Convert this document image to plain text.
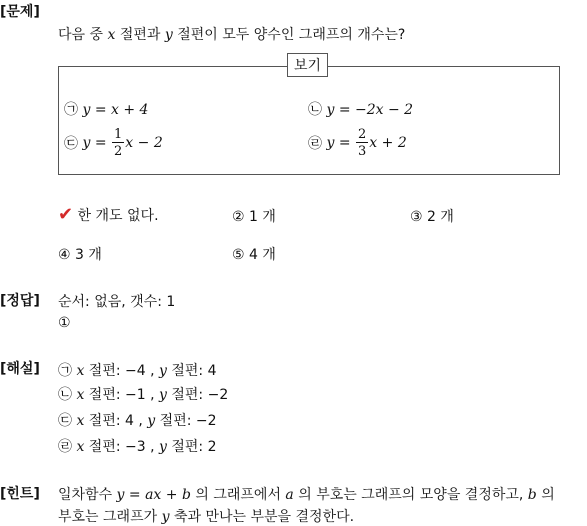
[문제]
다음 중 x 절편과 y 절편이 모두 양수인 그래프의 개수는?
보기
㉠ y = x + 4	㉡ y = −2x − 2
㉢ $y = \frac{1}{2}$ x − 2	㉣ $y = \frac{2}{3}$ x + 2
✔ 한 개도 없다.	② 1 개	③ 2 개
④ 3 개	⑤ 4 개
[정답] 순서: 없음, 갯수: 1
①
[해설] ㉠ x 절편: −4 , y 절편: 4
㉡ x 절편: −1 , y 절편: −2
㉢ x 절편: 4 , y 절편: −2
㉣ x 절편: −3 , y 절편: 2
[힌트] 일차함수 y = ax + b 의 그래프에서 a 의 부호는 그래프의 모양을 결정하고, b 의
부호는 그래프가 y 축과 만나는 부분을 결정한다.
